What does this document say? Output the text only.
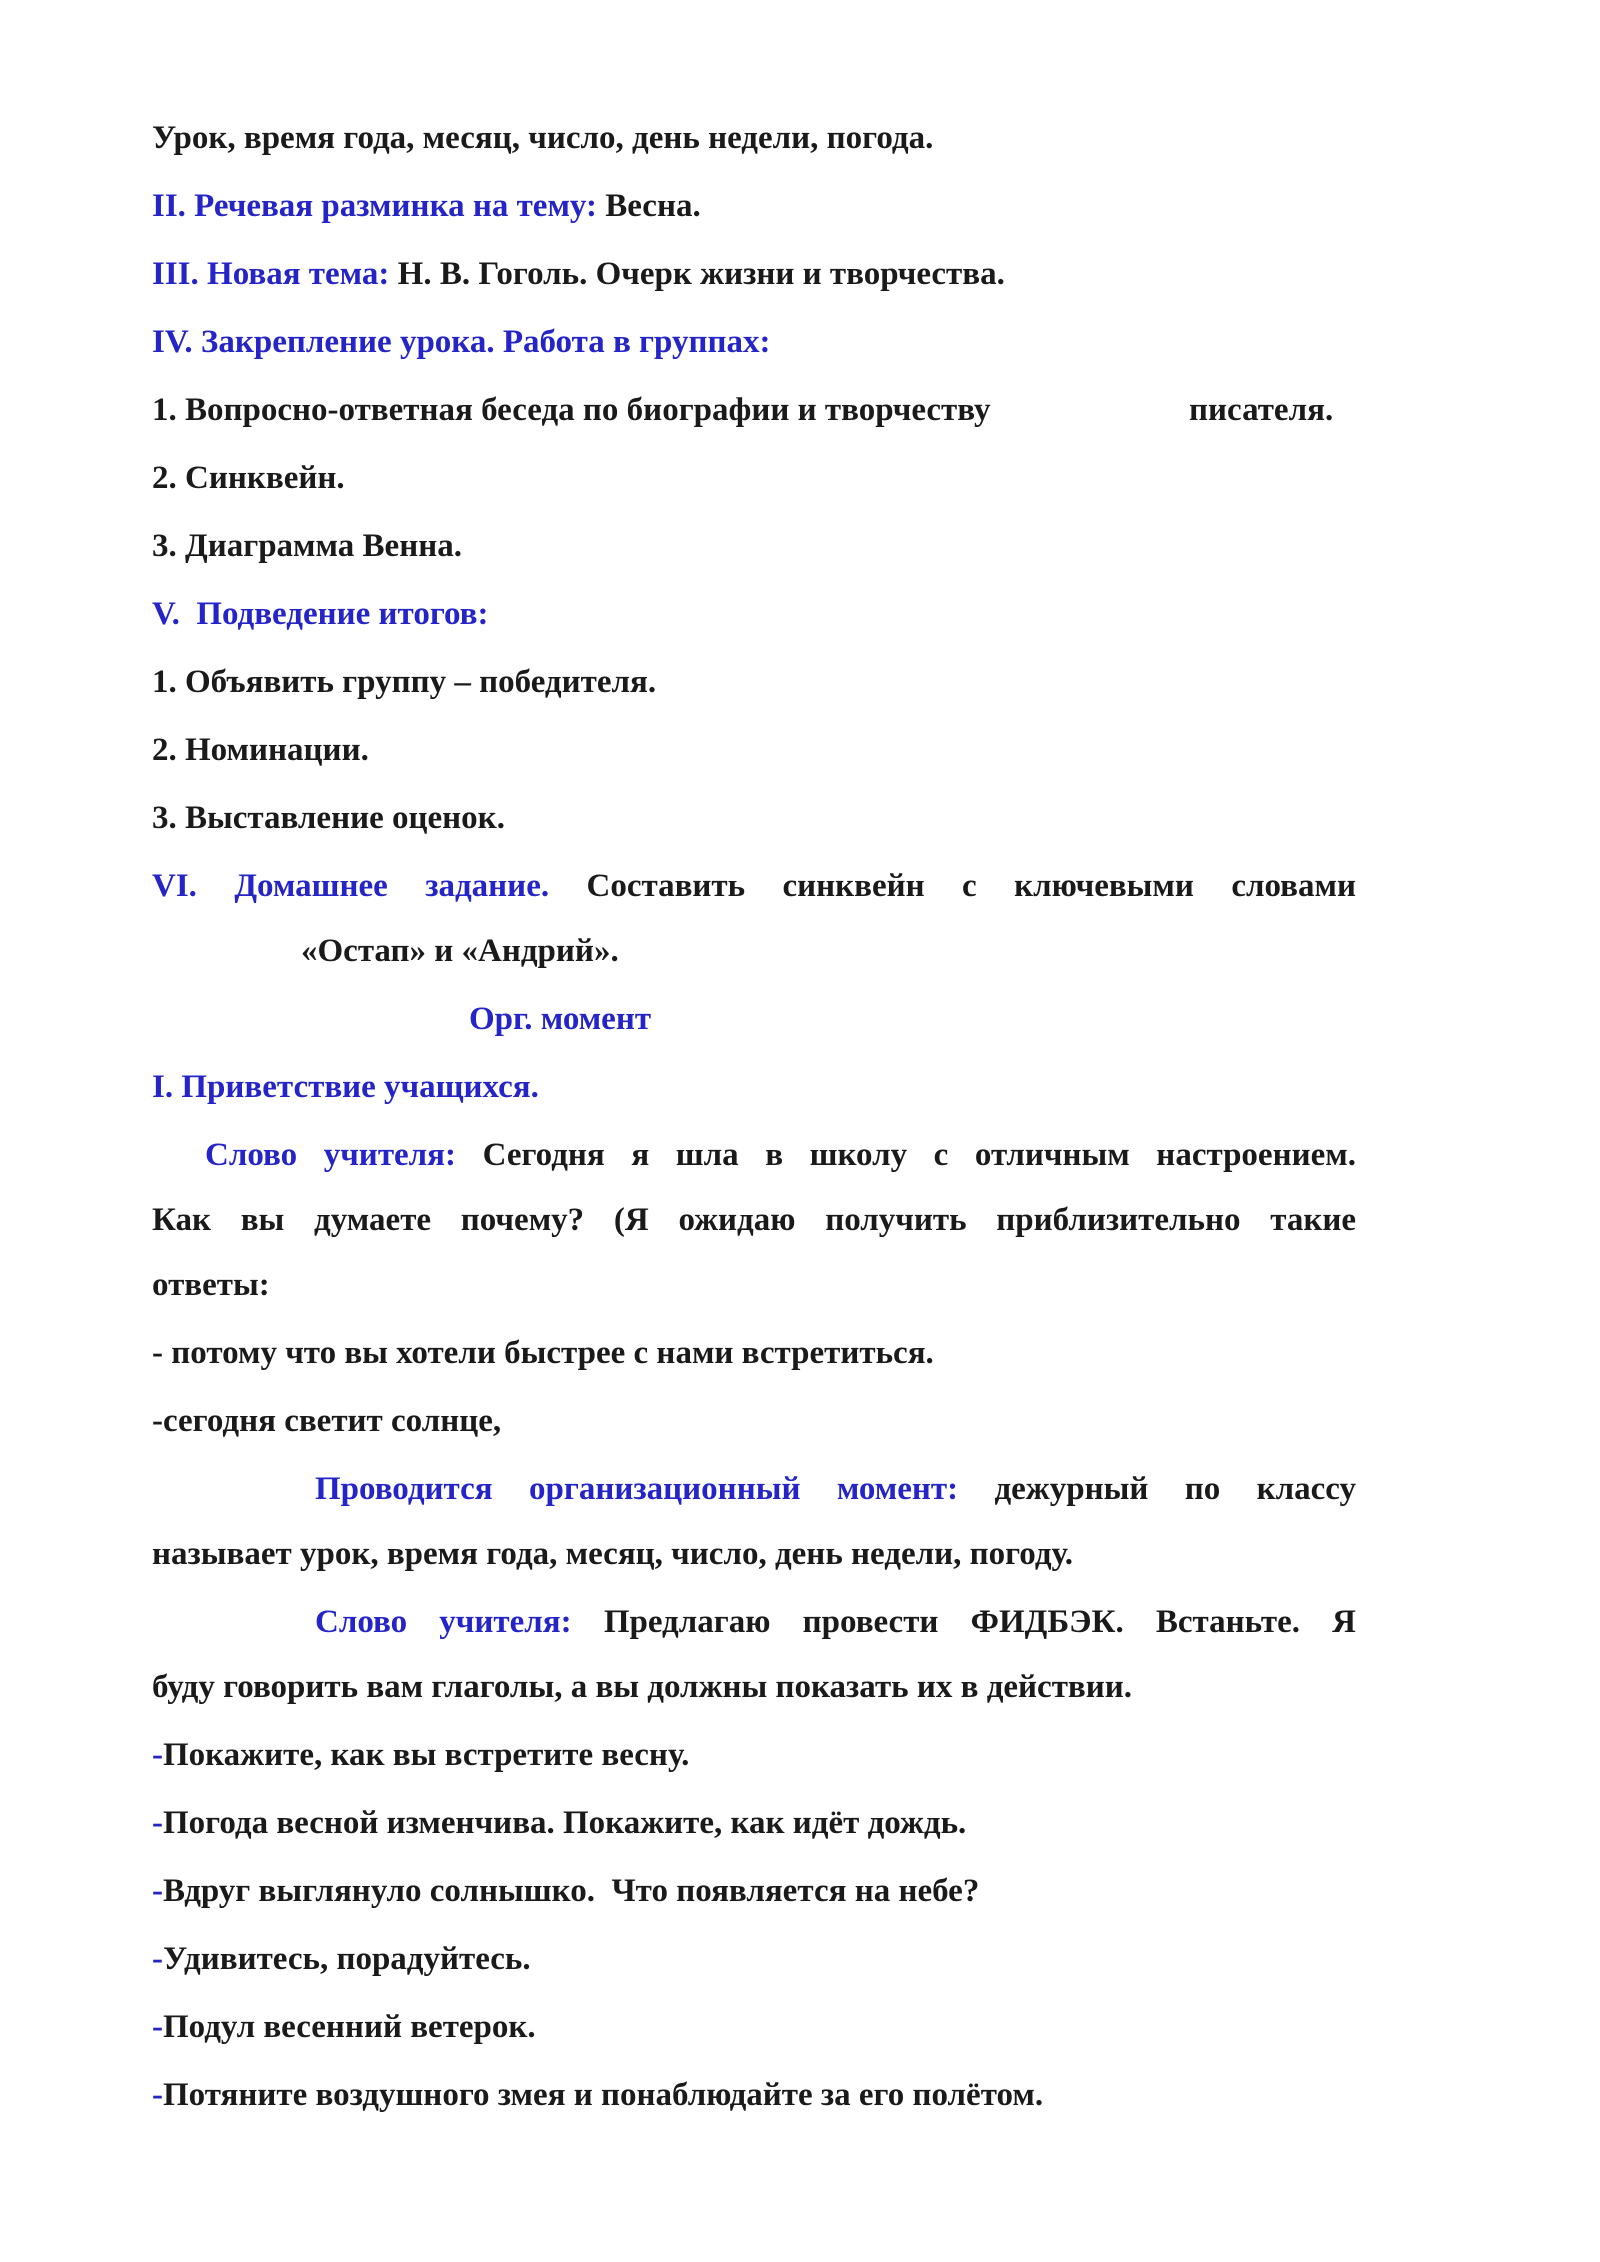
Урок, время года, месяц, число, день недели, погода.
II. Речевая разминка на тему: Весна.
III. Новая тема: Н. В. Гоголь. Очерк жизни и творчества.
IV. Закрепление урока. Работа в группах:
1. Вопросно-ответная беседа по биографии и творчеству	писателя.
2. Синквейн.
3. Диаграмма Венна.
V.  Подведение итогов:
1. Объявить группу – победителя.
2. Номинации.
3. Выставление оценок.
VI. Домашнее задание. Составить синквейн с ключевыми словами
«Остап» и «Андрий».
Орг. момент
I. Приветствие учащихся.
Слово учителя: Сегодня я шла в школу с отличным настроением.
Как вы думаете почему? (Я ожидаю получить приблизительно такие
ответы:
- потому что вы хотели быстрее с нами встретиться.
-сегодня светит солнце,
Проводится организационный момент: дежурный по классу
называет урок, время года, месяц, число, день недели, погоду.
Слово учителя: Предлагаю провести ФИДБЭК. Встаньте. Я
буду говорить вам глаголы, а вы должны показать их в действии.
-Покажите, как вы встретите весну.
-Погода весной изменчива. Покажите, как идёт дождь.
-Вдруг выглянуло солнышко.  Что появляется на небе?
-Удивитесь, порадуйтесь.
-Подул весенний ветерок.
-Потяните воздушного змея и понаблюдайте за его полётом.
